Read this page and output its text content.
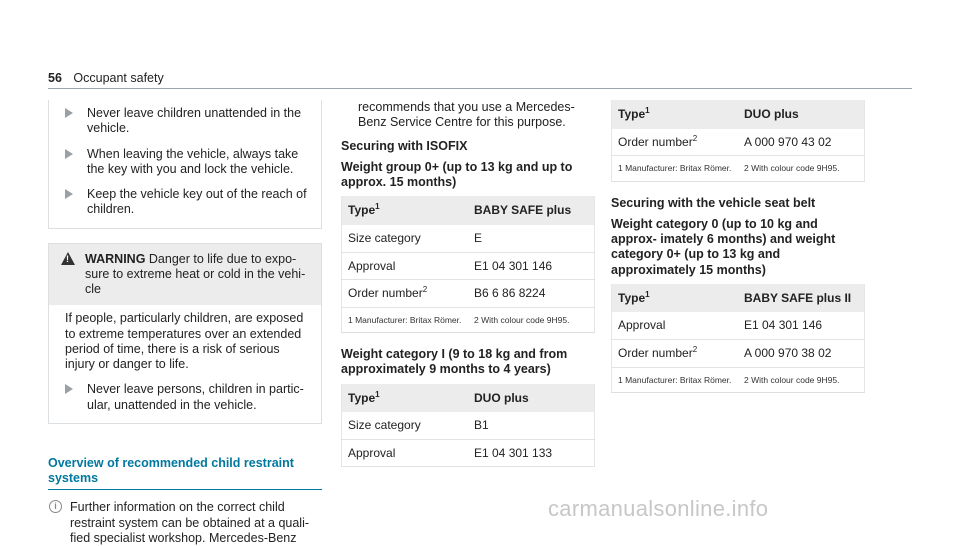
56 Occupant safety
Never leave children unattended in the vehicle.
When leaving the vehicle, always take the key with you and lock the vehicle.
Keep the vehicle key out of the reach of children.
!
WARNING Danger to life due to expo- sure to extreme heat or cold in the vehi- cle

If people, particularly children, are exposed to extreme temperatures over an extended period of time, there is a risk of serious injury or danger to life.

Never leave persons, children in partic- ular, unattended in the vehicle.
Overview of recommended child restraint systems
i	Further information on the correct child restraint system can be obtained at a quali- fied specialist workshop. Mercedes-Benz

recommends that you use a Mercedes-Benz Service Centre for this purpose.

Securing with ISOFIX
Weight group 0+ (up to 13 kg and up to approx. 15 months)
Type$^1$	BABY SAFE plus
Size category	E
Approval	E1 04 301 146
Order number$^2$	B6 6 86 8224
1 Manufacturer: Britax Römer.	2 With colour code 9H95.
Weight category I (9 to 18 kg and from approximately 9 months to 4 years)
Type$^1$	DUO plus
Size category	B1
Approval	E1 04 301 133
Type$^1$	DUO plus
Order number$^2$	A 000 970 43 02
1 Manufacturer: Britax Römer.	2 With colour code 9H95.
Securing with the vehicle seat belt
Weight category 0 (up to 10 kg and approx- imately 6 months) and weight category 0+ (up to 13 kg and approximately 15 months)
Type$^1$	BABY SAFE plus II
Approval	E1 04 301 146
Order number$^2$	A 000 970 38 02
1 Manufacturer: Britax Römer.	2 With colour code 9H95.
carmanualsonline.info
